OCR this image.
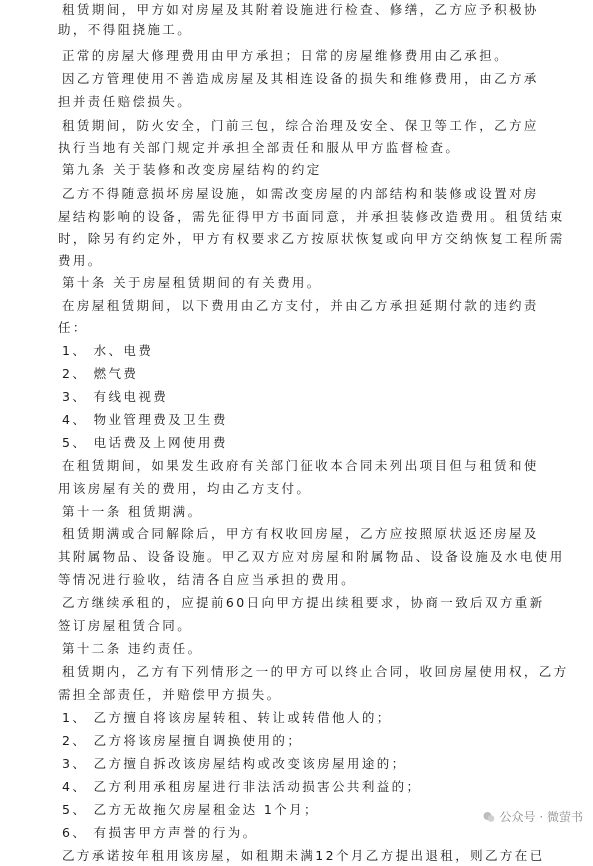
租赁期间，甲方如对房屋及其附着设施进行检查、修缮，乙方应予积极协
助，不得阻挠施工。
正常的房屋大修理费用由甲方承担；日常的房屋维修费用由乙承担。
因乙方管理使用不善造成房屋及其相连设备的损失和维修费用，由乙方承
担并责任赔偿损失。
租赁期间，防火安全，门前三包，综合治理及安全、保卫等工作，乙方应
执行当地有关部门规定并承担全部责任和服从甲方监督检查。
第九条 关于装修和改变房屋结构的约定
乙方不得随意损坏房屋设施，如需改变房屋的内部结构和装修或设置对房
屋结构影响的设备，需先征得甲方书面同意，并承担装修改造费用。租赁结束
时，除另有约定外，甲方有权要求乙方按原状恢复或向甲方交纳恢复工程所需
费用。
第十条 关于房屋租赁期间的有关费用。
在房屋租赁期间，以下费用由乙方支付，并由乙方承担延期付款的违约责
任：
1、 水、电费
2、 燃气费
3、 有线电视费
4、 物业管理费及卫生费
5、 电话费及上网使用费
在租赁期间，如果发生政府有关部门征收本合同未列出项目但与租赁和使
用该房屋有关的费用，均由乙方支付。
第十一条 租赁期满。
租赁期满或合同解除后，甲方有权收回房屋，乙方应按照原状返还房屋及
其附属物品、设备设施。甲乙双方应对房屋和附属物品、设备设施及水电使用
等情况进行验收，结清各自应当承担的费用。
乙方继续承租的，应提前60日向甲方提出续租要求，协商一致后双方重新
签订房屋租赁合同。
第十二条 违约责任。
租赁期内，乙方有下列情形之一的甲方可以终止合同，收回房屋使用权，乙方
需担全部责任，并赔偿甲方损失。
1、 乙方擅自将该房屋转租、转让或转借他人的；
2、 乙方将该房屋擅自调换使用的；
3、 乙方擅自拆改该房屋结构或改变该房屋用途的；
4、 乙方利用承租房屋进行非法活动损害公共利益的；
5、 乙方无故拖欠房屋租金达 1个月；
6、 有损害甲方声誉的行为。
乙方承诺按年租用该房屋，如租期未满12个月乙方提出退租，则乙方在已
公众号 · 微萤书
